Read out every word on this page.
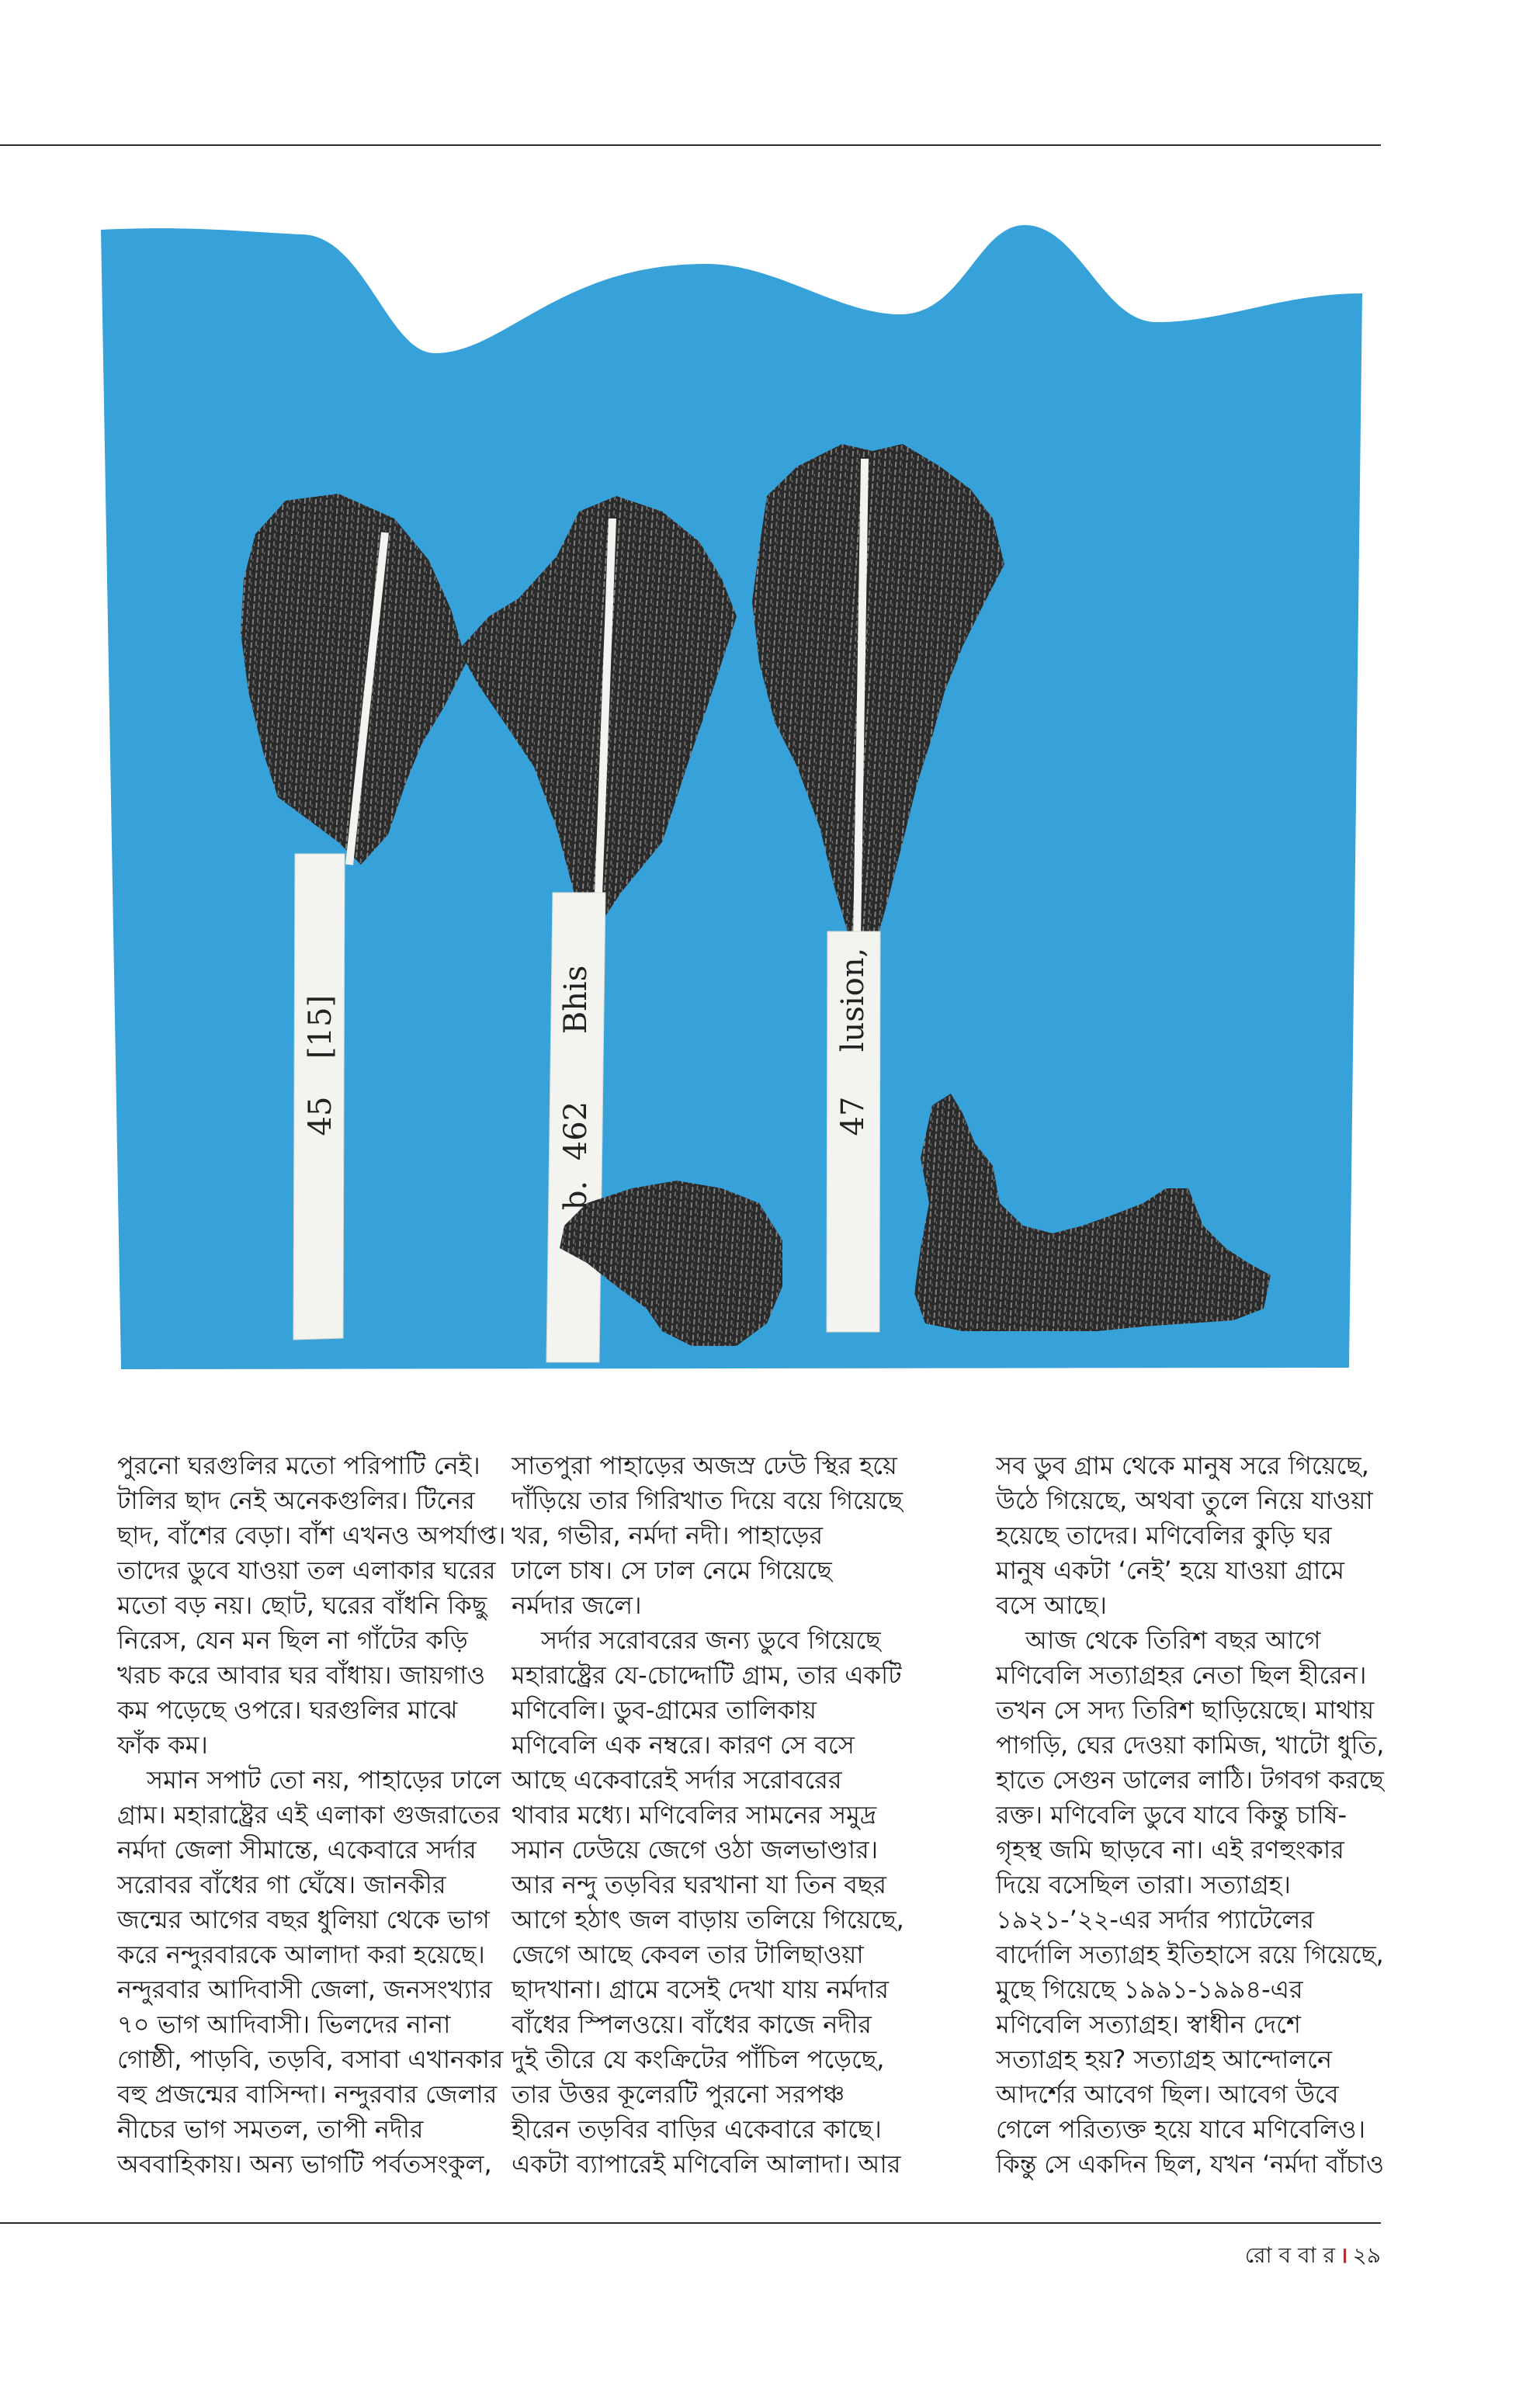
[15]
45
Bhis
462
b.
lusion,
47
পুরনো ঘরগুলির মতো পরিপাটি নেই।
টালির ছাদ নেই অনেকগুলির। টিনের
ছাদ, বাঁশের বেড়া। বাঁশ এখনও অপর্যাপ্ত।
তাদের ডুবে যাওয়া তল এলাকার ঘরের
মতো বড় নয়। ছোট, ঘরের বাঁধনি কিছু
নিরেস, যেন মন ছিল না গাঁটের কড়ি
খরচ করে আবার ঘর বাঁধায়। জায়গাও
কম পড়েছে ওপরে। ঘরগুলির মাঝে
ফাঁক কম।
সমান সপাট তো নয়, পাহাড়ের ঢালে
গ্রাম। মহারাষ্ট্রের এই এলাকা গুজরাতের
নর্মদা জেলা সীমান্তে, একেবারে সর্দার
সরোবর বাঁধের গা ঘেঁষে। জানকীর
জন্মের আগের বছর ধুলিয়া থেকে ভাগ
করে নন্দুরবারকে আলাদা করা হয়েছে।
নন্দুরবার আদিবাসী জেলা, জনসংখ্যার
৭০ ভাগ আদিবাসী। ভিলদের নানা
গোষ্ঠী, পাড়বি, তড়বি, বসাবা এখানকার
বহু প্রজন্মের বাসিন্দা। নন্দুরবার জেলার
নীচের ভাগ সমতল, তাপী নদীর
অববাহিকায়। অন্য ভাগটি পর্বতসংকুল,
সাতপুরা পাহাড়ের অজস্র ঢেউ স্থির হয়ে
দাঁড়িয়ে তার গিরিখাত দিয়ে বয়ে গিয়েছে
খর, গভীর, নর্মদা নদী। পাহাড়ের
ঢালে চাষ। সে ঢাল নেমে গিয়েছে
নর্মদার জলে।
সর্দার সরোবরের জন্য ডুবে গিয়েছে
মহারাষ্ট্রের যে-চোদ্দোটি গ্রাম, তার একটি
মণিবেলি। ডুব-গ্রামের তালিকায়
মণিবেলি এক নম্বরে। কারণ সে বসে
আছে একেবারেই সর্দার সরোবরের
থাবার মধ্যে। মণিবেলির সামনের সমুদ্র
সমান ঢেউয়ে জেগে ওঠা জলভাণ্ডার।
আর নন্দু তড়বির ঘরখানা যা তিন বছর
আগে হঠাৎ জল বাড়ায় তলিয়ে গিয়েছে,
জেগে আছে কেবল তার টালিছাওয়া
ছাদখানা। গ্রামে বসেই দেখা যায় নর্মদার
বাঁধের স্পিলওয়ে। বাঁধের কাজে নদীর
দুই তীরে যে কংক্রিটের পাঁচিল পড়েছে,
তার উত্তর কূলেরটি পুরনো সরপঞ্চ
হীরেন তড়বির বাড়ির একেবারে কাছে।
একটা ব্যাপারেই মণিবেলি আলাদা। আর
সব ডুব গ্রাম থেকে মানুষ সরে গিয়েছে,
উঠে গিয়েছে, অথবা তুলে নিয়ে যাওয়া
হয়েছে তাদের। মণিবেলির কুড়ি ঘর
মানুষ একটা ‘নেই’ হয়ে যাওয়া গ্রামে
বসে আছে।
আজ থেকে তিরিশ বছর আগে
মণিবেলি সত্যাগ্রহর নেতা ছিল হীরেন।
তখন সে সদ্য তিরিশ ছাড়িয়েছে। মাথায়
পাগড়ি, ঘের দেওয়া কামিজ, খাটো ধুতি,
হাতে সেগুন ডালের লাঠি। টগবগ করছে
রক্ত। মণিবেলি ডুবে যাবে কিন্তু চাষি-
গৃহস্থ জমি ছাড়বে না। এই রণহুংকার
দিয়ে বসেছিল তারা। সত্যাগ্রহ।
১৯২১-’২২-এর সর্দার প্যাটেলের
বার্দোলি সত্যাগ্রহ ইতিহাসে রয়ে গিয়েছে,
মুছে গিয়েছে ১৯৯১-১৯৯৪-এর
মণিবেলি সত্যাগ্রহ। স্বাধীন দেশে
সত্যাগ্রহ হয়? সত্যাগ্রহ আন্দোলনে
আদর্শের আবেগ ছিল। আবেগ উবে
গেলে পরিত্যক্ত হয়ে যাবে মণিবেলিও।
কিন্তু সে একদিন ছিল, যখন ‘নর্মদা বাঁচাও
রো ব বা র । ২৯
